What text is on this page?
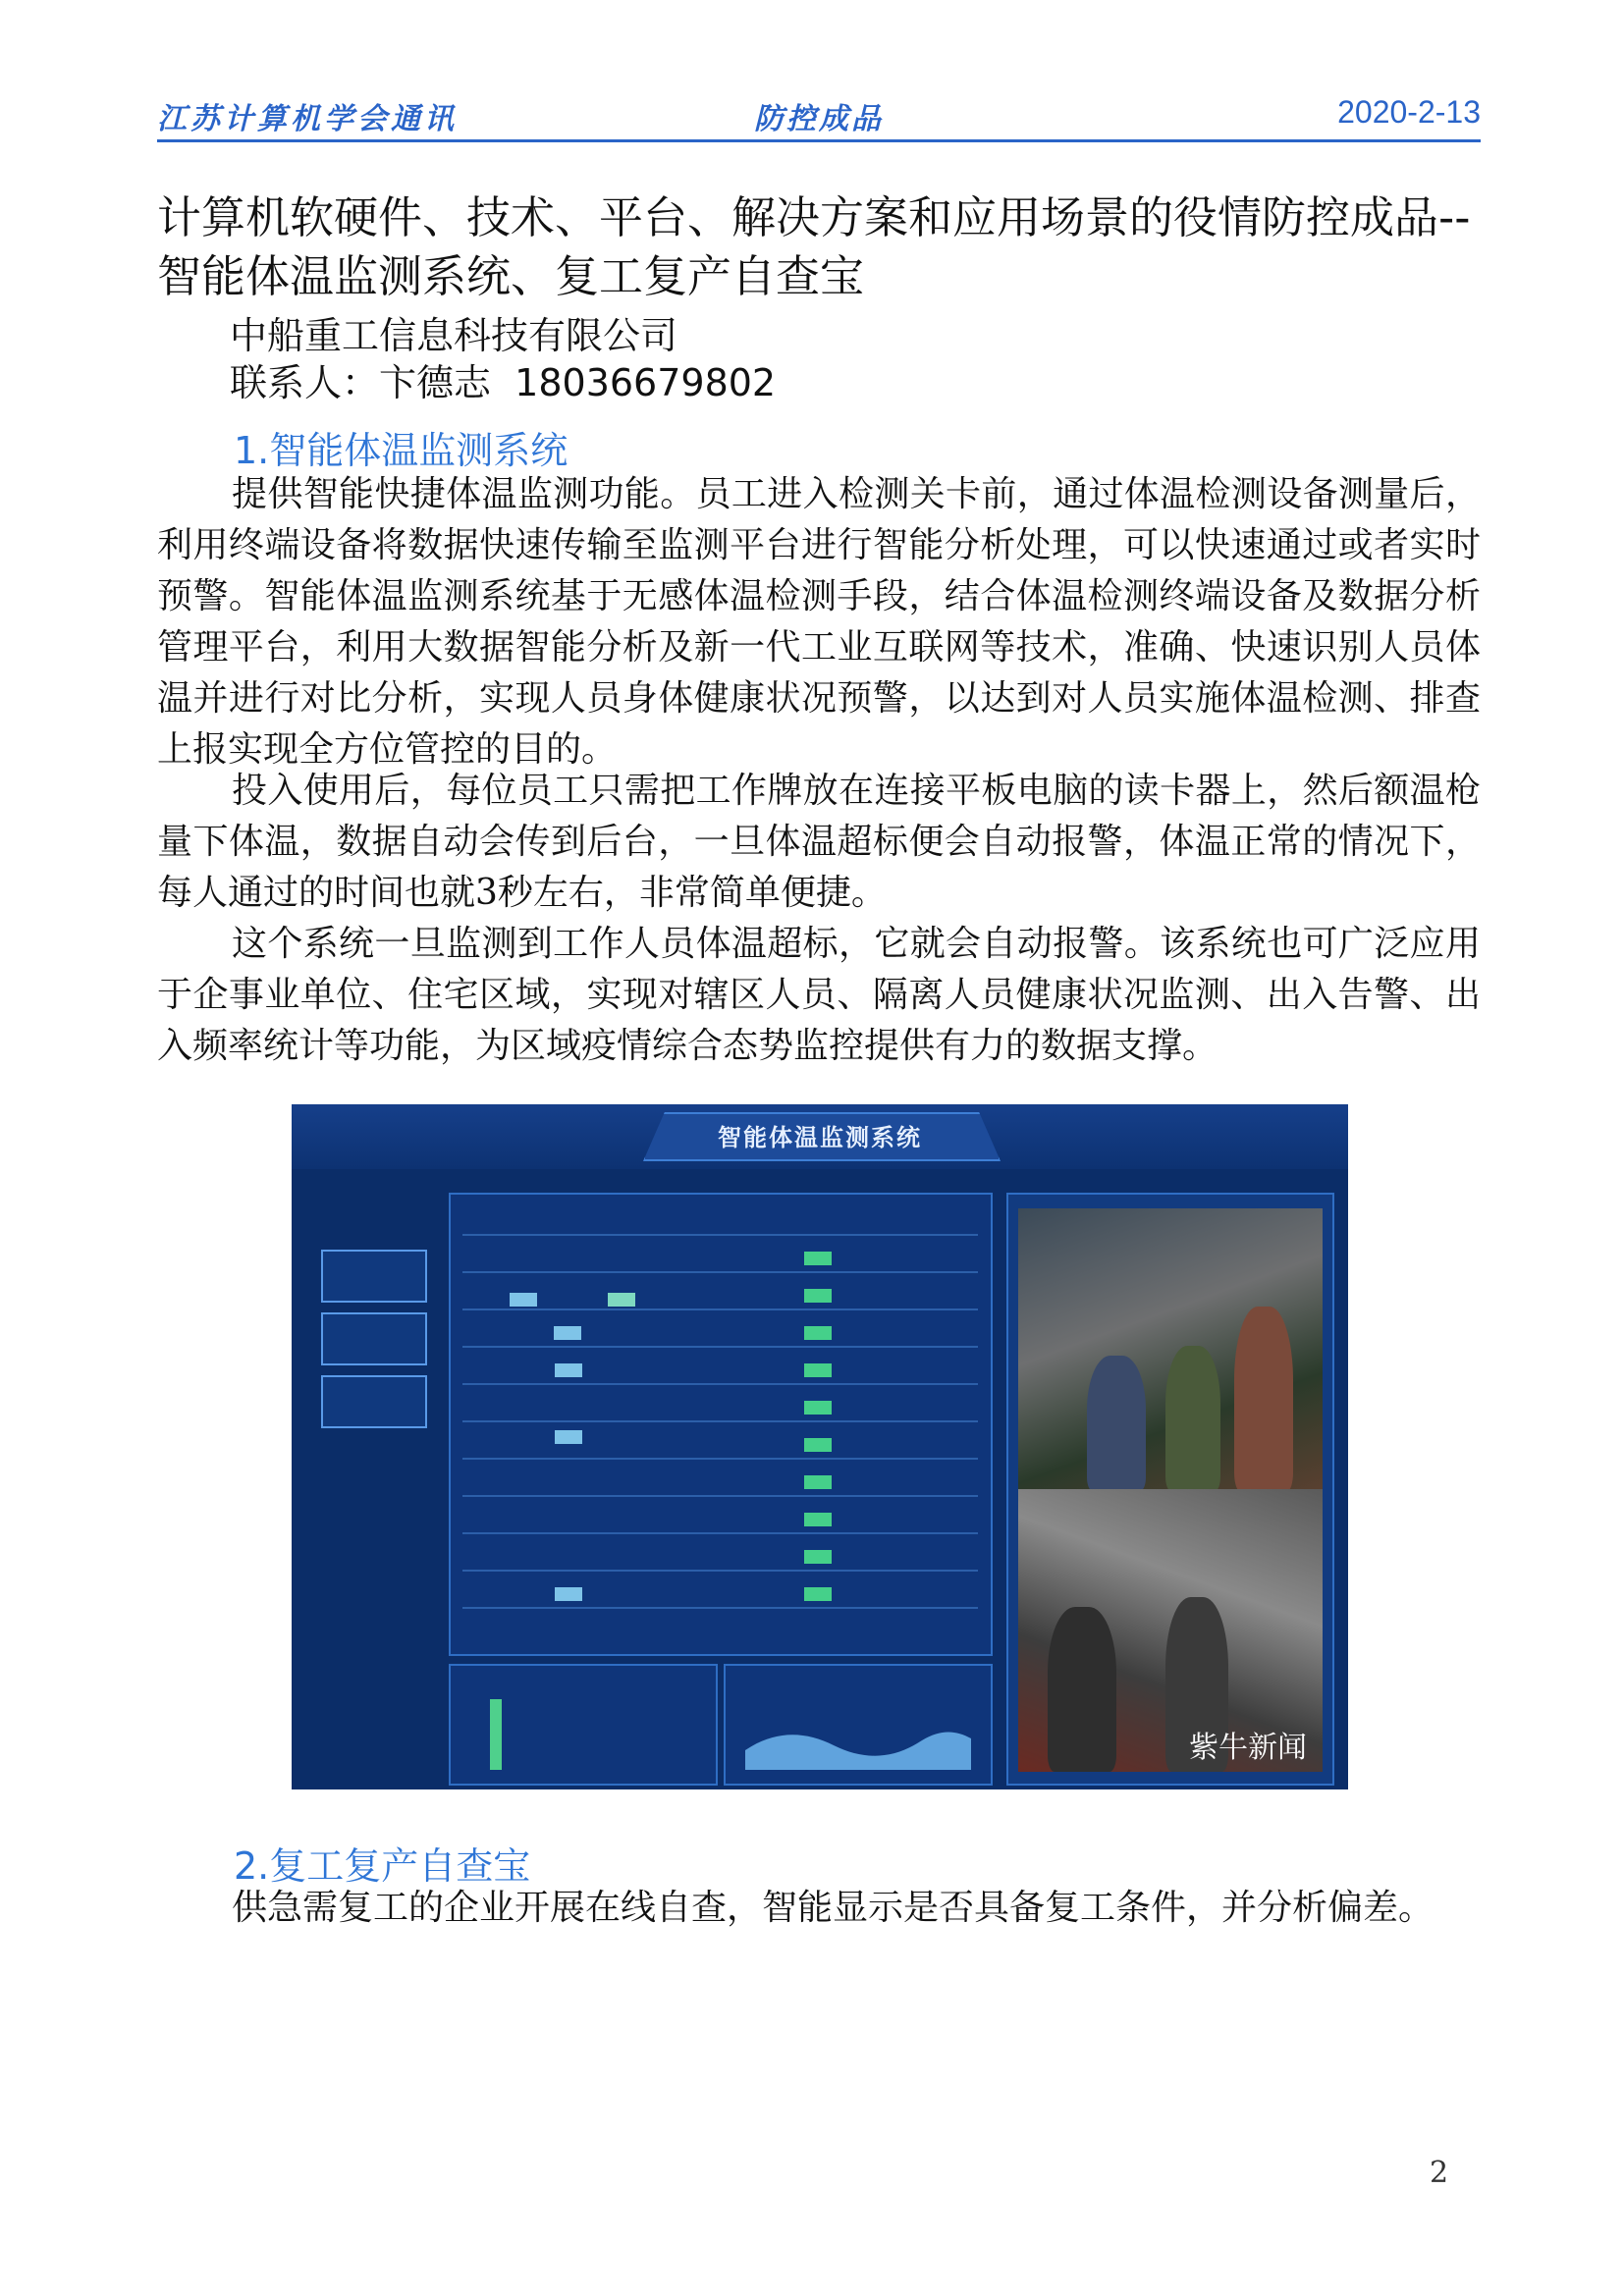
江苏计算机学会通讯	防控成品	2020-2-13
计算机软硬件、技术、平台、解决方案和应用场景的役情防控成品--智能体温监测系统、复工复产自查宝
中船重工信息科技有限公司
联系人：卞德志  18036679802
1.智能体温监测系统

提供智能快捷体温监测功能。员工进入检测关卡前，通过体温检测设备测量后，利用终端设备将数据快速传输至监测平台进行智能分析处理，可以快速通过或者实时预警。智能体温监测系统基于无感体温检测手段，结合体温检测终端设备及数据分析管理平台，利用大数据智能分析及新一代工业互联网等技术，准确、快速识别人员体温并进行对比分析，实现人员身体健康状况预警，以达到对人员实施体温检测、排查上报实现全方位管控的目的。

投入使用后，每位员工只需把工作牌放在连接平板电脑的读卡器上，然后额温枪量下体温，数据自动会传到后台，一旦体温超标便会自动报警，体温正常的情况下，每人通过的时间也就3秒左右，非常简单便捷。

这个系统一旦监测到工作人员体温超标，它就会自动报警。该系统也可广泛应用于企事业单位、住宅区域，实现对辖区人员、隔离人员健康状况监测、出入告警、出入频率统计等功能，为区域疫情综合态势监控提供有力的数据支撑。

智能体温监测系统
紫牛新闻
2.复工复产自查宝

供急需复工的企业开展在线自查，智能显示是否具备复工条件，并分析偏差。

2
